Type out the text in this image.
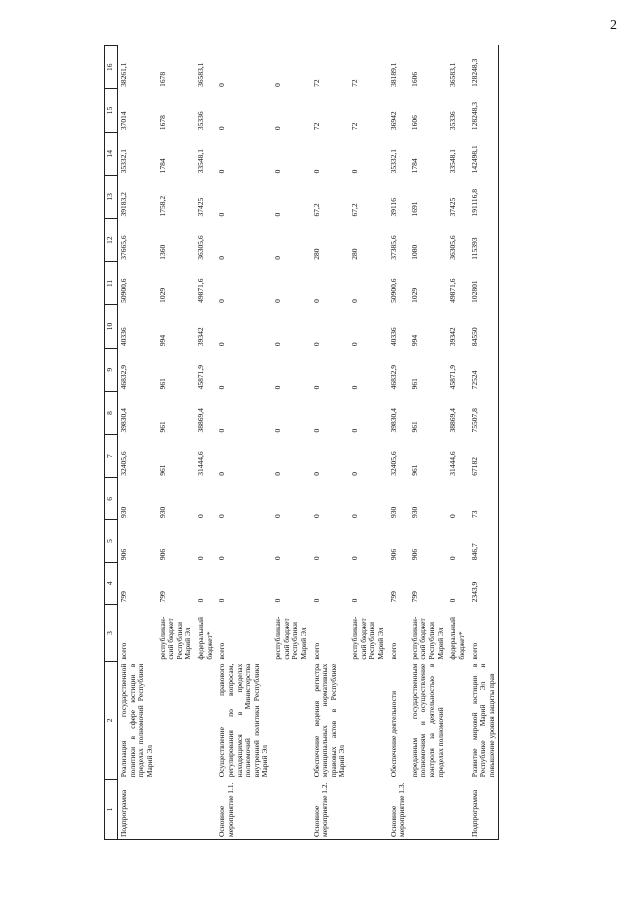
2
1	2	3	4	5	6	7	8	9	10	11	12	13	14	15	16
Подпрограмма	Реализация государственной политики в сфере юстиции в пределах полномочий Республики Марий Эл	всего	799	906	930	32405,6	39830,4	46832,9	40336	50900,6	37665,6	39183,2	35332,1	37014	38261,1
		республиканский бюджет Республики Марий Эл	799	906	930	961	961	961	994	1029	1360	1758,2	1784	1678	1678
		федеральный бюджет*	0	0	0	31444,6	38869,4	45871,9	39342	49871,6	36305,6	37425	33548,1	35336	36583,1
Основное мероприятие 1.1.	Осуществление правового регулирования по вопросам, находящимся в пределах полномочий Министерства внутренней политики Республики Марий Эл	всего	0	0	0	0	0	0	0	0	0	0	0	0	0
		республиканский бюджет Республики Марий Эл	0	0	0	0	0	0	0	0	0	0	0	0	0
Основное мероприятие 1.2.	Обеспечение ведения регистра муниципальных нормативных правовых актов в Республике Марий Эл	всего	0	0	0	0	0	0	0	0	280	67,2	0	72	72
		республиканский бюджет Республики Марий Эл	0	0	0	0	0	0	0	0	280	67,2	0	72	72
Основное мероприятие 1.3.	Обеспечение деятельности	всего	799	906	930	32405,6	39830,4	46832,9	40336	50900,6	37385,6	39116	35332,1	36942	38189,1
	переданным государственным полномочиям и осуществление контроля за деятельностью в пределах полномочий	республиканский бюджет Республики Марий Эл	799	906	930	961	961	961	994	1029	1080	1691	1784	1606	1606
		федеральный бюджет*	0	0	0	31444,6	38869,4	45871,9	39342	49871,6	36305,6	37425	33548,1	35336	36583,1
Подпрограмма	Развитие мировой юстиции в Республике Марий Эл и повышение уровня защиты прав	всего	2343,9	846,7	73	67182	75507,8	72524	84550	102801	115393	191116,8	142498,1	128248,3	128248,3
